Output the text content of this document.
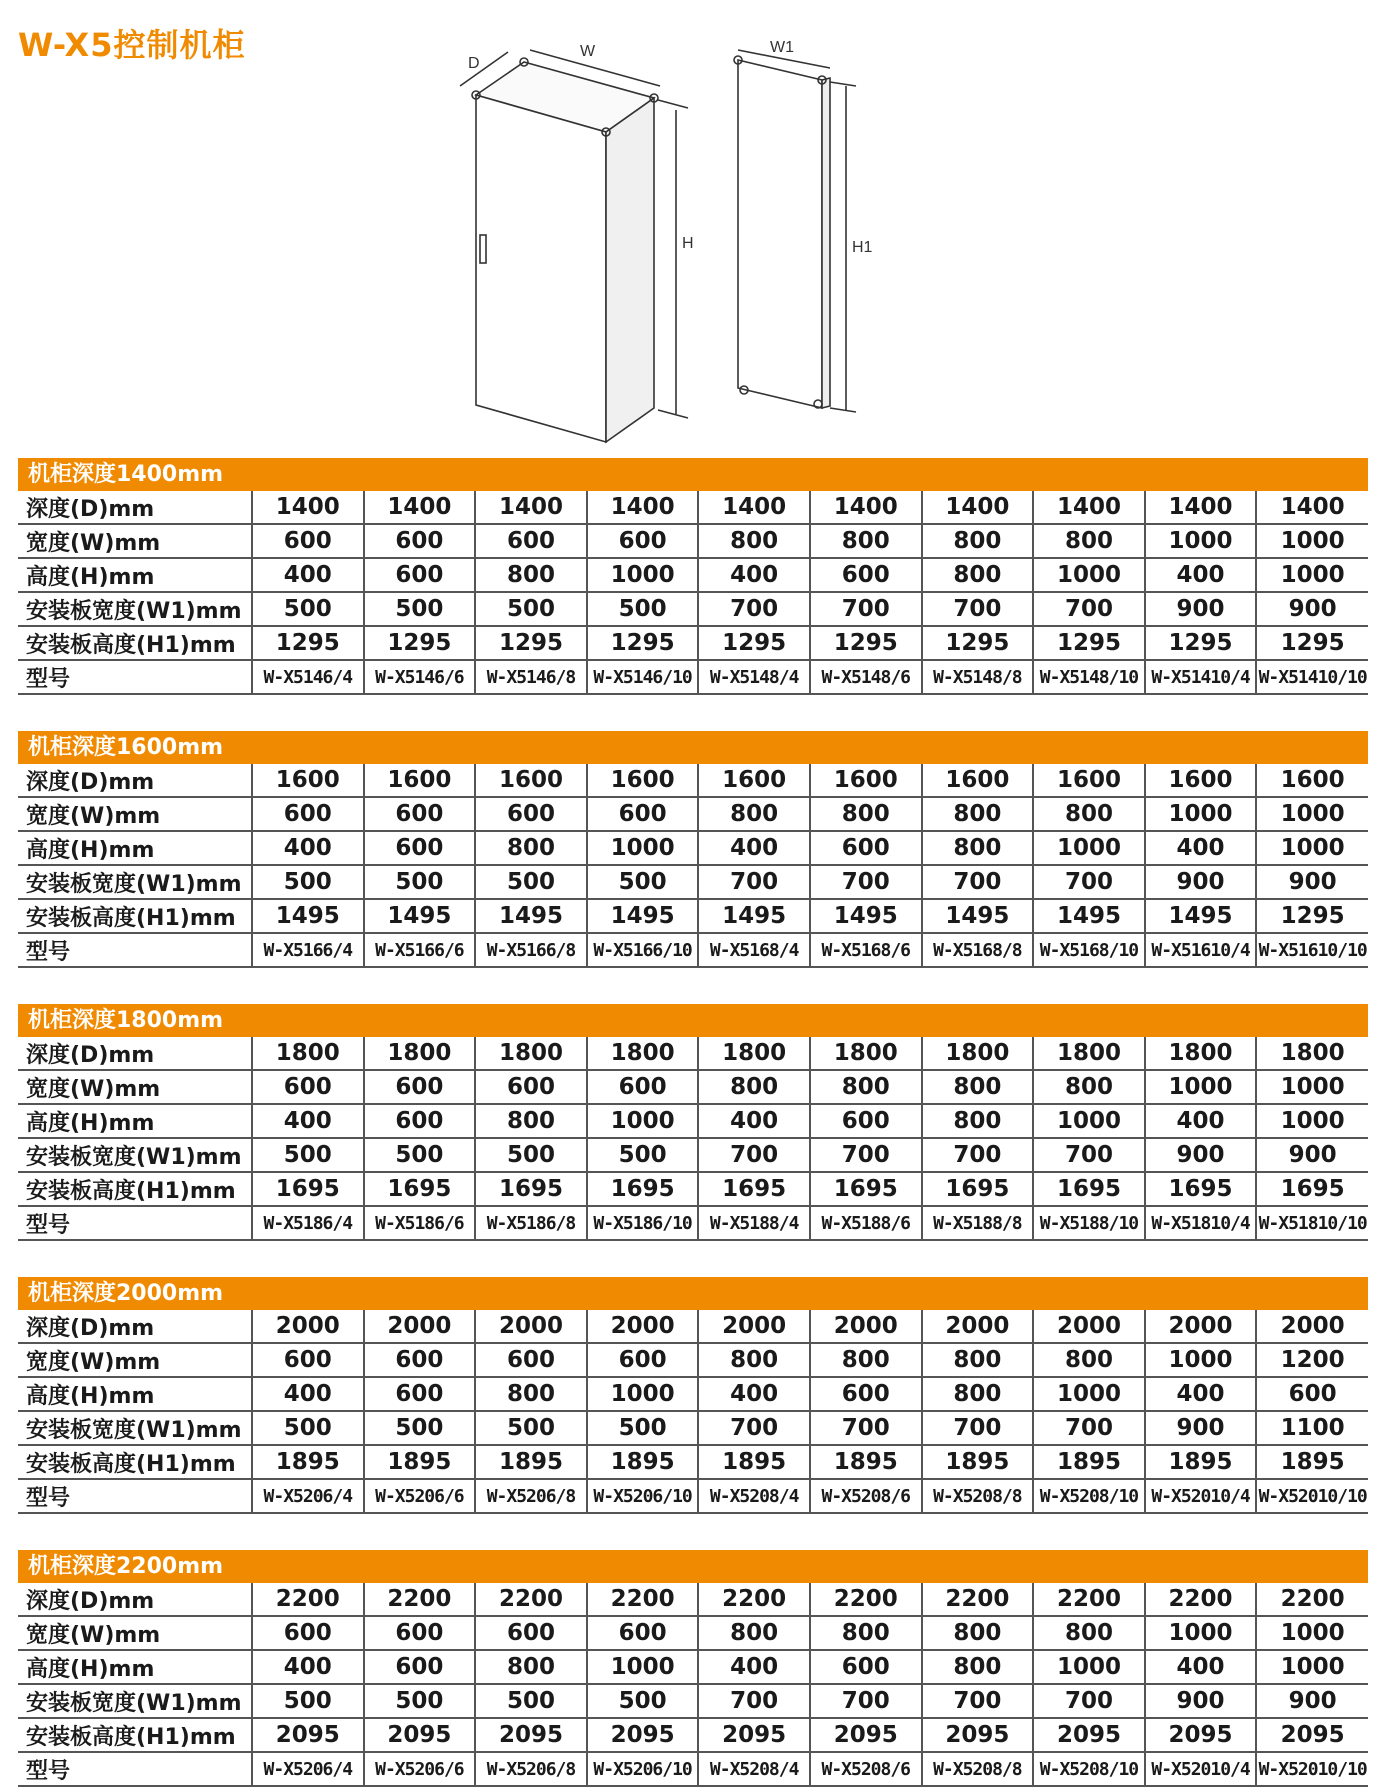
W-X5控制机柜	D
W
H
W1
H1
机柜深度1400mm
深度(D)mm	1400	1400	1400	1400	1400	1400	1400	1400	1400	1400
宽度(W)mm	600	600	600	600	800	800	800	800	1000	1000
高度(H)mm	400	600	800	1000	400	600	800	1000	400	1000
安装板宽度(W1)mm	500	500	500	500	700	700	700	700	900	900
安装板高度(H1)mm	1295	1295	1295	1295	1295	1295	1295	1295	1295	1295
型号	W-X5146/4	W-X5146/6	W-X5146/8	W-X5146/10	W-X5148/4	W-X5148/6	W-X5148/8	W-X5148/10	W-X51410/4	W-X51410/10
机柜深度1600mm
深度(D)mm	1600	1600	1600	1600	1600	1600	1600	1600	1600	1600
宽度(W)mm	600	600	600	600	800	800	800	800	1000	1000
高度(H)mm	400	600	800	1000	400	600	800	1000	400	1000
安装板宽度(W1)mm	500	500	500	500	700	700	700	700	900	900
安装板高度(H1)mm	1495	1495	1495	1495	1495	1495	1495	1495	1495	1295
型号	W-X5166/4	W-X5166/6	W-X5166/8	W-X5166/10	W-X5168/4	W-X5168/6	W-X5168/8	W-X5168/10	W-X51610/4	W-X51610/10
机柜深度1800mm
深度(D)mm	1800	1800	1800	1800	1800	1800	1800	1800	1800	1800
宽度(W)mm	600	600	600	600	800	800	800	800	1000	1000
高度(H)mm	400	600	800	1000	400	600	800	1000	400	1000
安装板宽度(W1)mm	500	500	500	500	700	700	700	700	900	900
安装板高度(H1)mm	1695	1695	1695	1695	1695	1695	1695	1695	1695	1695
型号	W-X5186/4	W-X5186/6	W-X5186/8	W-X5186/10	W-X5188/4	W-X5188/6	W-X5188/8	W-X5188/10	W-X51810/4	W-X51810/10
机柜深度2000mm
深度(D)mm	2000	2000	2000	2000	2000	2000	2000	2000	2000	2000
宽度(W)mm	600	600	600	600	800	800	800	800	1000	1200
高度(H)mm	400	600	800	1000	400	600	800	1000	400	600
安装板宽度(W1)mm	500	500	500	500	700	700	700	700	900	1100
安装板高度(H1)mm	1895	1895	1895	1895	1895	1895	1895	1895	1895	1895
型号	W-X5206/4	W-X5206/6	W-X5206/8	W-X5206/10	W-X5208/4	W-X5208/6	W-X5208/8	W-X5208/10	W-X52010/4	W-X52010/10
机柜深度2200mm
深度(D)mm	2200	2200	2200	2200	2200	2200	2200	2200	2200	2200
宽度(W)mm	600	600	600	600	800	800	800	800	1000	1000
高度(H)mm	400	600	800	1000	400	600	800	1000	400	1000
安装板宽度(W1)mm	500	500	500	500	700	700	700	700	900	900
安装板高度(H1)mm	2095	2095	2095	2095	2095	2095	2095	2095	2095	2095
型号	W-X5206/4	W-X5206/6	W-X5206/8	W-X5206/10	W-X5208/4	W-X5208/6	W-X5208/8	W-X5208/10	W-X52010/4	W-X52010/10
